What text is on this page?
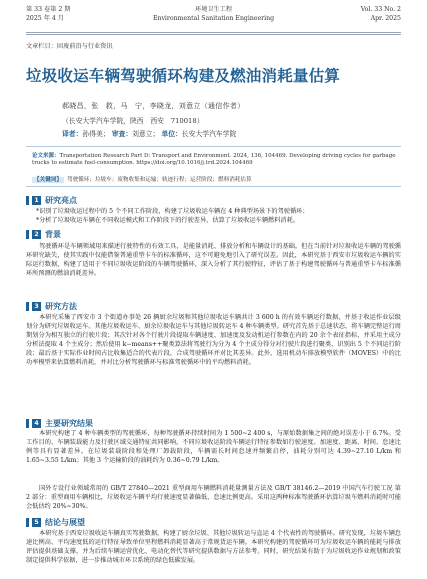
第 33 卷第 2 期
2025 年 4 月
环境卫生工程
Environmental Sanitation Engineering
Vol. 33 No. 2
Apr. 2025
文章栏目：固废前沿与行业资讯
垃圾收运车辆驾驶循环构建及燃油消耗量估算
郝晓昌，张　救，马　宁，李晓龙，刘意立（通信作者）
（长安大学汽车学院，陕西　西安　710018）
译者：孙得美； 审查：刘意立； 单位：长安大学汽车学院
论文来源：Transportation Research Part D: Transport and Environment. 2024, 136, 104469. Developing driving cycles for garbage trucks to estimate fuel-consumption. https://doi.org/10.1016/j.trd.2024.104469
【关键词】 驾驶循环；垃圾车；废物收集和运输；轨迹行程；运营阶段；燃料消耗估算
1 研究亮点
*识别了垃圾收运过程中的 5 个不同工作阶段，构建了垃圾收运车辆在 4 种典型场景下的驾驶循环；
*分析了垃圾收运车辆在不同收运模式和工作阶段下的行驶差异，估算了垃圾收运车辆燃料消耗。
2 背景
驾驶循环是车辆领域用来描述行驶特性的有效工具，是能量消耗、排放分析和车辆设计的基础。但在当前针对垃圾收运车辆的驾驶循环研究缺失，使其实践中仅能借鉴普通重型卡车的标准循环，这不可避免地引入了研究误差。因此，本研究基于西安市垃圾收运车辆的实际运行数据，构建了适用于不同垃圾收运阶段的车辆驾驶循环，深入分析了其行驶特征，评估了基于构建驾驶循环与普通重型卡车标准循环所预测的燃油消耗差异。
3 研究方法
本研究采集了西安市 3 个街道办事处 26 辆厨余垃圾和其他垃圾收运车辆共计 3 600 h 的有效车辆运行数据，并基于收运作业层级划分为研究垃圾收运车。其他垃圾收运车、厨余垃圾收运车与其他垃圾转运车 4 种车辆类型。研究首先基于总速状态，将车辆完整运行周期划分为相互独立的行驶片段；其次针对各个行驶片段提取车辆速度、加速度及发动机运行参数在内的 20 余个表征指标，并采用主成分分析法提取 4 个主成分；然后使用 k−means++聚类算法将驾驶行为分为 4 个主成分得分对行驶片段进行聚类，识别出 5 个不同运行阶段；最后基于实际作业时间占比收集适合的代表片段，合成驾驶循环并对比其差异。此外，选用机动车排放模型软件（MOVES）中的比功率模型来估算燃料消耗，并对比分析驾驶循环与标准驾驶循环中的平均燃料消耗。
4 主要研究结果
本研究构建了 4 种车辆类型的驾驶循环，每种驾驶循环持续时间为 1 500~2 400 s，与原始数据集之间的绝对误差小于 6.7%。受工作目的、车辆装载能力及行驶区域交通特征共同影响，不同垃圾收运阶段车辆运行特征参数如行驶速度、加速度、距离、时间、怠速比例等具有显著差异。在垃圾装载阶段和处理厂卸载阶段，车辆需长时间怠速并频繁启停，油耗分别可达 4.39~27.10 L/km 和 1.65~3.55 L/km；其他 3 个运输阶段的油耗约为 0.36~0.79 L/km。
国外专设行业领域常用的 GB/T 27840—2021 重型商用车辆燃料消耗量测量方法及 GB/T 38146.2—2019 中国汽车行驶工况 第 2 部分：重型商用车辆相比，垃圾收运车辆平均行驶速度显著偏低、怠速比例更高。采用这两种标准驾驶循环估算垃圾车燃料消耗时可能会低估约 20%~30%。
5 结论与展望
本研究基于西安垃圾收运车辆真实驾驶数据，构建了厨余垃圾、其他垃圾转运与直运 4 个代表性的驾驶循环。研究发现，垃圾车辆怠速比例高、平均速度低的运行特征导致单位里程燃料消耗显著高于常规货运车辆。本研究构建的驾驶循环可为垃圾收运车辆的能耗与排放评估提供基础支撑，并为后续车辆运营优化、电动化替代等研究提供数据与方法参考。同时，研究结果有助于为垃圾收运作业规划和政策制定提供科学依据，进一步推动城市环卫系统的绿色低碳发展。
